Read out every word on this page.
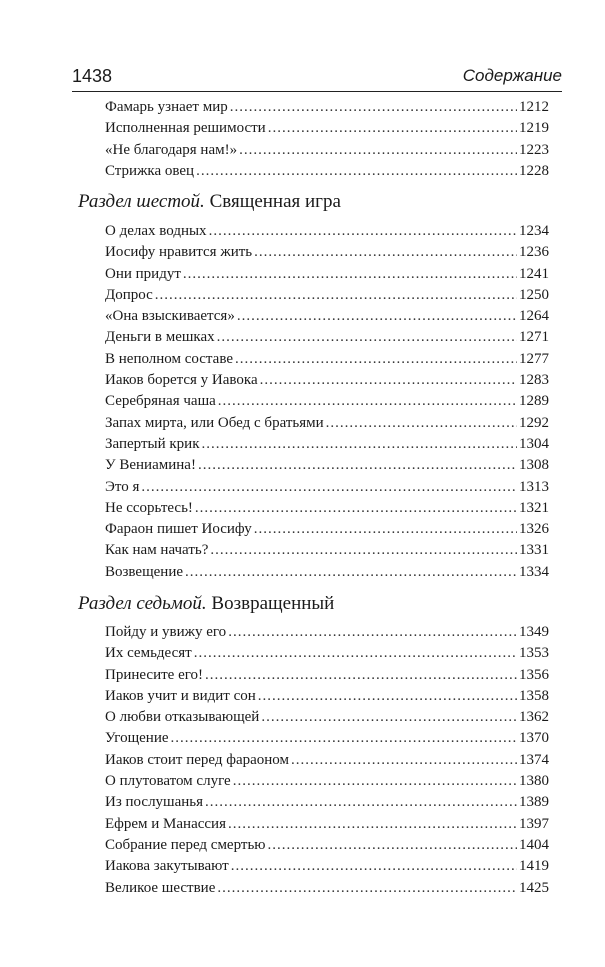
1438	Содержание
Фамарь узнает мир .....	1212
Исполненная решимости .....	1219
«Не благодаря нам!» .....	1223
Стрижка овец .....	1228
Раздел шестой. Священная игра
О делах водных .....	1234
Иосифу нравится жить .....	1236
Они придут .....	1241
Допрос .....	1250
«Она взыскивается» .....	1264
Деньги в мешках .....	1271
В неполном составе .....	1277
Иаков борется у Иавока .....	1283
Серебряная чаша .....	1289
Запах мирта, или Обед с братьями .....	1292
Запертый крик .....	1304
У Вениамина! .....	1308
Это я .....	1313
Не ссорьтесь! .....	1321
Фараон пишет Иосифу .....	1326
Как нам начать? .....	1331
Возвещение .....	1334
Раздел седьмой. Возвращенный
Пойду и увижу его .....	1349
Их семьдесят .....	1353
Принесите его! .....	1356
Иаков учит и видит сон .....	1358
О любви отказывающей .....	1362
Угощение .....	1370
Иаков стоит перед фараоном .....	1374
О плутоватом слуге .....	1380
Из послушанья .....	1389
Ефрем и Манассия .....	1397
Собрание перед смертью .....	1404
Иакова закутывают .....	1419
Великое шествие .....	1425
